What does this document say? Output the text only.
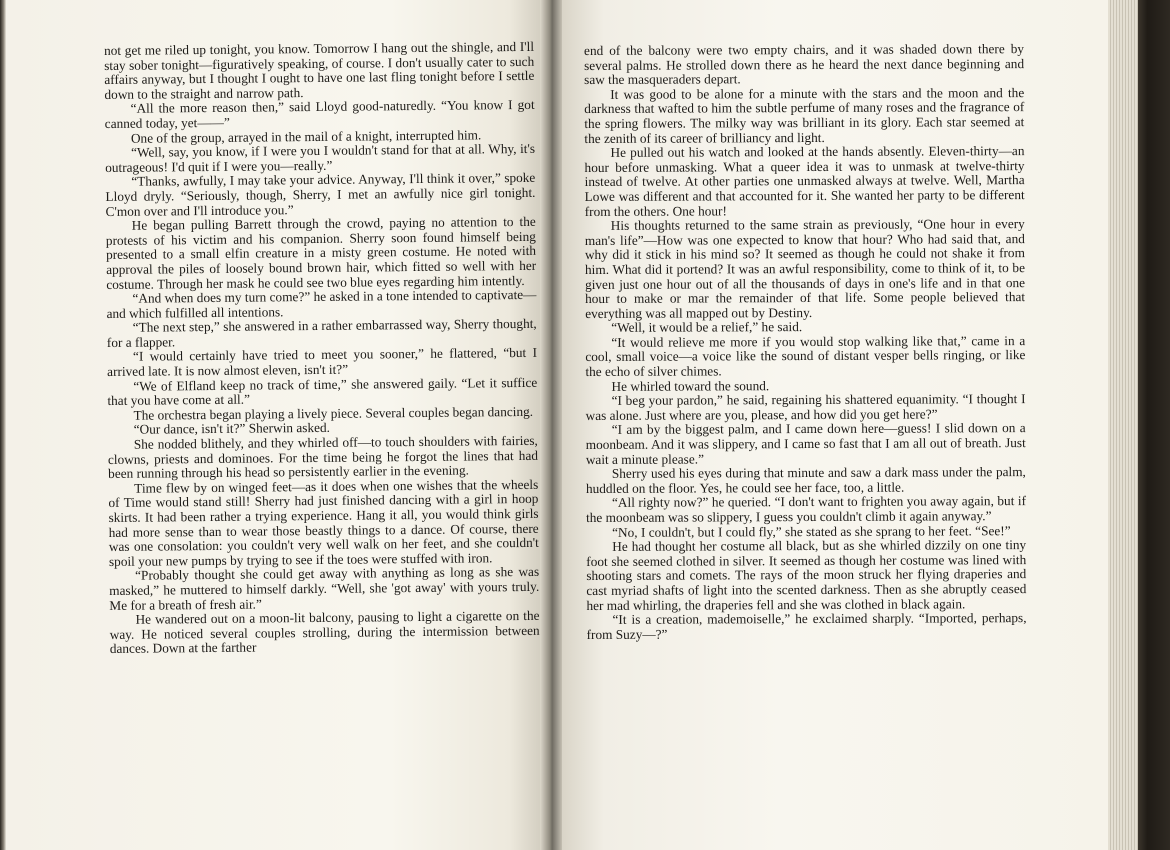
not get me riled up tonight, you know. Tomorrow I hang out the shingle, and I'll stay sober tonight—figuratively speaking, of course. I don't usually cater to such affairs anyway, but I thought I ought to have one last fling tonight before I settle down to the straight and narrow path.

“All the more reason then,” said Lloyd good-naturedly. “You know I got canned today, yet——”

One of the group, arrayed in the mail of a knight, interrupted him.

“Well, say, you know, if I were you I wouldn't stand for that at all. Why, it's outrageous! I'd quit if I were you—really.”

“Thanks, awfully, I may take your advice. Anyway, I'll think it over,” spoke Lloyd dryly. “Seriously, though, Sherry, I met an awfully nice girl tonight. C'mon over and I'll introduce you.”

He began pulling Barrett through the crowd, paying no attention to the protests of his victim and his companion. Sherry soon found himself being presented to a small elfin creature in a misty green costume. He noted with approval the piles of loosely bound brown hair, which fitted so well with her costume. Through her mask he could see two blue eyes regarding him intently.

“And when does my turn come?” he asked in a tone intended to captivate—and which fulfilled all intentions.

“The next step,” she answered in a rather embarrassed way, Sherry thought, for a flapper.

“I would certainly have tried to meet you sooner,” he flattered, “but I arrived late. It is now almost eleven, isn't it?”

“We of Elfland keep no track of time,” she answered gaily. “Let it suffice that you have come at all.”

The orchestra began playing a lively piece. Several couples began dancing.

“Our dance, isn't it?” Sherwin asked.

She nodded blithely, and they whirled off—to touch shoulders with fairies, clowns, priests and dominoes. For the time being he forgot the lines that had been running through his head so persistently earlier in the evening.

Time flew by on winged feet—as it does when one wishes that the wheels of Time would stand still! Sherry had just finished dancing with a girl in hoop skirts. It had been rather a trying experience. Hang it all, you would think girls had more sense than to wear those beastly things to a dance. Of course, there was one consolation: you couldn't very well walk on her feet, and she couldn't spoil your new pumps by trying to see if the toes were stuffed with iron.

“Probably thought she could get away with anything as long as she was masked,” he muttered to himself darkly. “Well, she 'got away' with yours truly. Me for a breath of fresh air.”

He wandered out on a moon-lit balcony, pausing to light a cigarette on the way. He noticed several couples strolling, during the intermission between dances. Down at the farther

end of the balcony were two empty chairs, and it was shaded down there by several palms. He strolled down there as he heard the next dance beginning and saw the masqueraders depart.

It was good to be alone for a minute with the stars and the moon and the darkness that wafted to him the subtle perfume of many roses and the fragrance of the spring flowers. The milky way was brilliant in its glory. Each star seemed at the zenith of its career of brilliancy and light.

He pulled out his watch and looked at the hands absently. Eleven-thirty—an hour before unmasking. What a queer idea it was to unmask at twelve-thirty instead of twelve. At other parties one unmasked always at twelve. Well, Martha Lowe was different and that accounted for it. She wanted her party to be different from the others. One hour!

His thoughts returned to the same strain as previously, “One hour in every man's life”—How was one expected to know that hour? Who had said that, and why did it stick in his mind so? It seemed as though he could not shake it from him. What did it portend? It was an awful responsibility, come to think of it, to be given just one hour out of all the thousands of days in one's life and in that one hour to make or mar the remainder of that life. Some people believed that everything was all mapped out by Destiny.

“Well, it would be a relief,” he said.

“It would relieve me more if you would stop walking like that,” came in a cool, small voice—a voice like the sound of distant vesper bells ringing, or like the echo of silver chimes.

He whirled toward the sound.

“I beg your pardon,” he said, regaining his shattered equanimity. “I thought I was alone. Just where are you, please, and how did you get here?”

“I am by the biggest palm, and I came down here—guess! I slid down on a moonbeam. And it was slippery, and I came so fast that I am all out of breath. Just wait a minute please.”

Sherry used his eyes during that minute and saw a dark mass under the palm, huddled on the floor. Yes, he could see her face, too, a little.

“All righty now?” he queried. “I don't want to frighten you away again, but if the moonbeam was so slippery, I guess you couldn't climb it again anyway.”

“No, I couldn't, but I could fly,” she stated as she sprang to her feet. “See!”

He had thought her costume all black, but as she whirled dizzily on one tiny foot she seemed clothed in silver. It seemed as though her costume was lined with shooting stars and comets. The rays of the moon struck her flying draperies and cast myriad shafts of light into the scented darkness. Then as she abruptly ceased her mad whirling, the draperies fell and she was clothed in black again.

“It is a creation, mademoiselle,” he exclaimed sharply. “Imported, perhaps, from Suzy—?”
